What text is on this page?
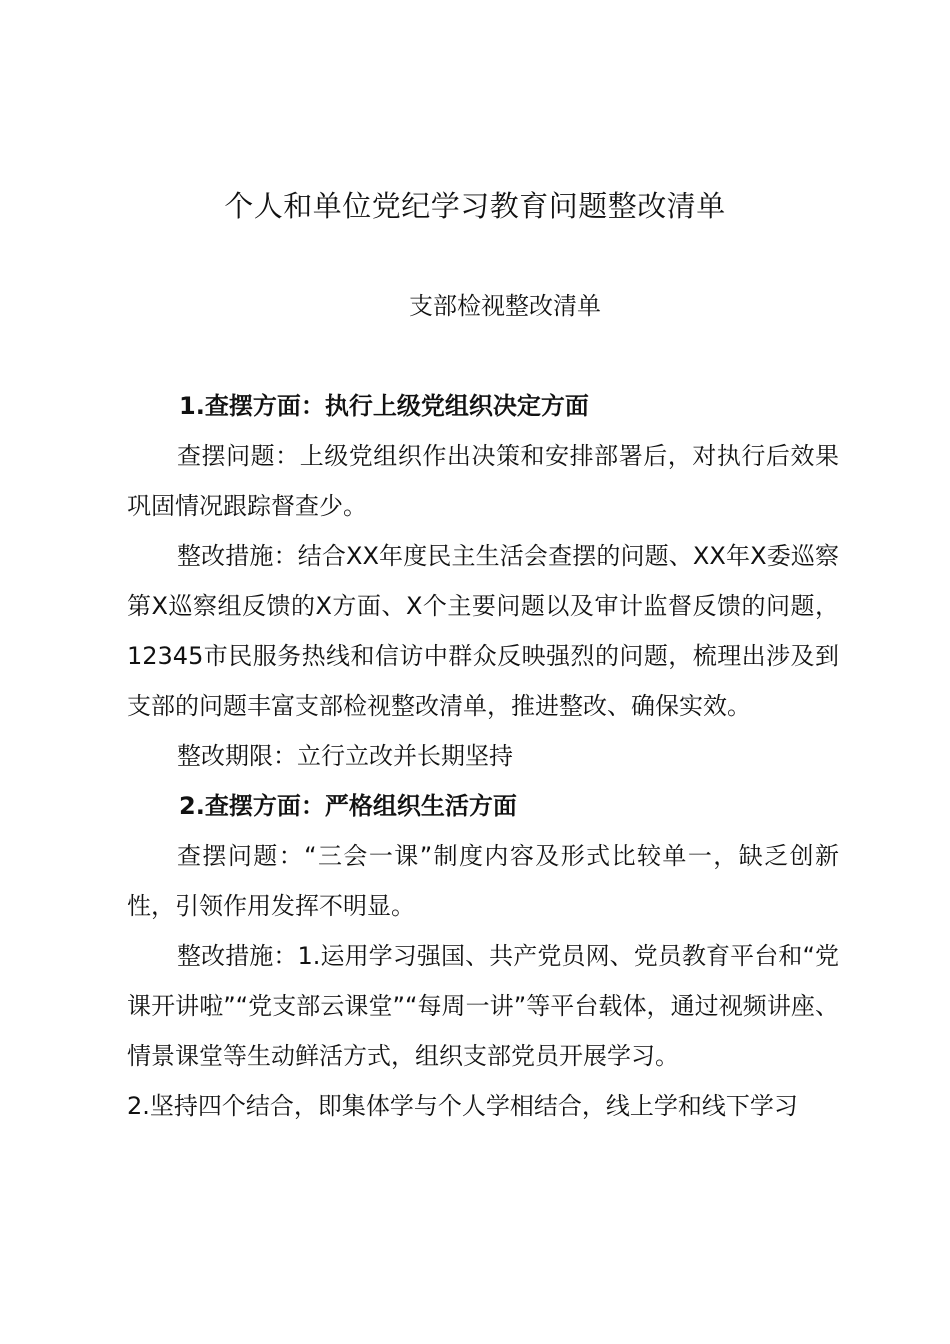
个人和单位党纪学习教育问题整改清单
支部检视整改清单

1.查摆方面：执行上级党组织决定方面

查摆问题：上级党组织作出决策和安排部署后，对执行后效果巩固情况跟踪督查少。

整改措施：结合XX年度民主生活会查摆的问题、XX年X委巡察第X巡察组反馈的X方面、X个主要问题以及审计监督反馈的问题，12345市民服务热线和信访中群众反映强烈的问题，梳理出涉及到支部的问题丰富支部检视整改清单，推进整改、确保实效。

整改期限：立行立改并长期坚持

2.查摆方面：严格组织生活方面

查摆问题：“三会一课”制度内容及形式比较单一，缺乏创新性，引领作用发挥不明显。

整改措施：1.运用学习强国、共产党员网、党员教育平台和“党课开讲啦”“党支部云课堂”“每周一讲”等平台载体，通过视频讲座、情景课堂等生动鲜活方式，组织支部党员开展学习。

2.坚持四个结合，即集体学与个人学相结合，线上学和线下学习
